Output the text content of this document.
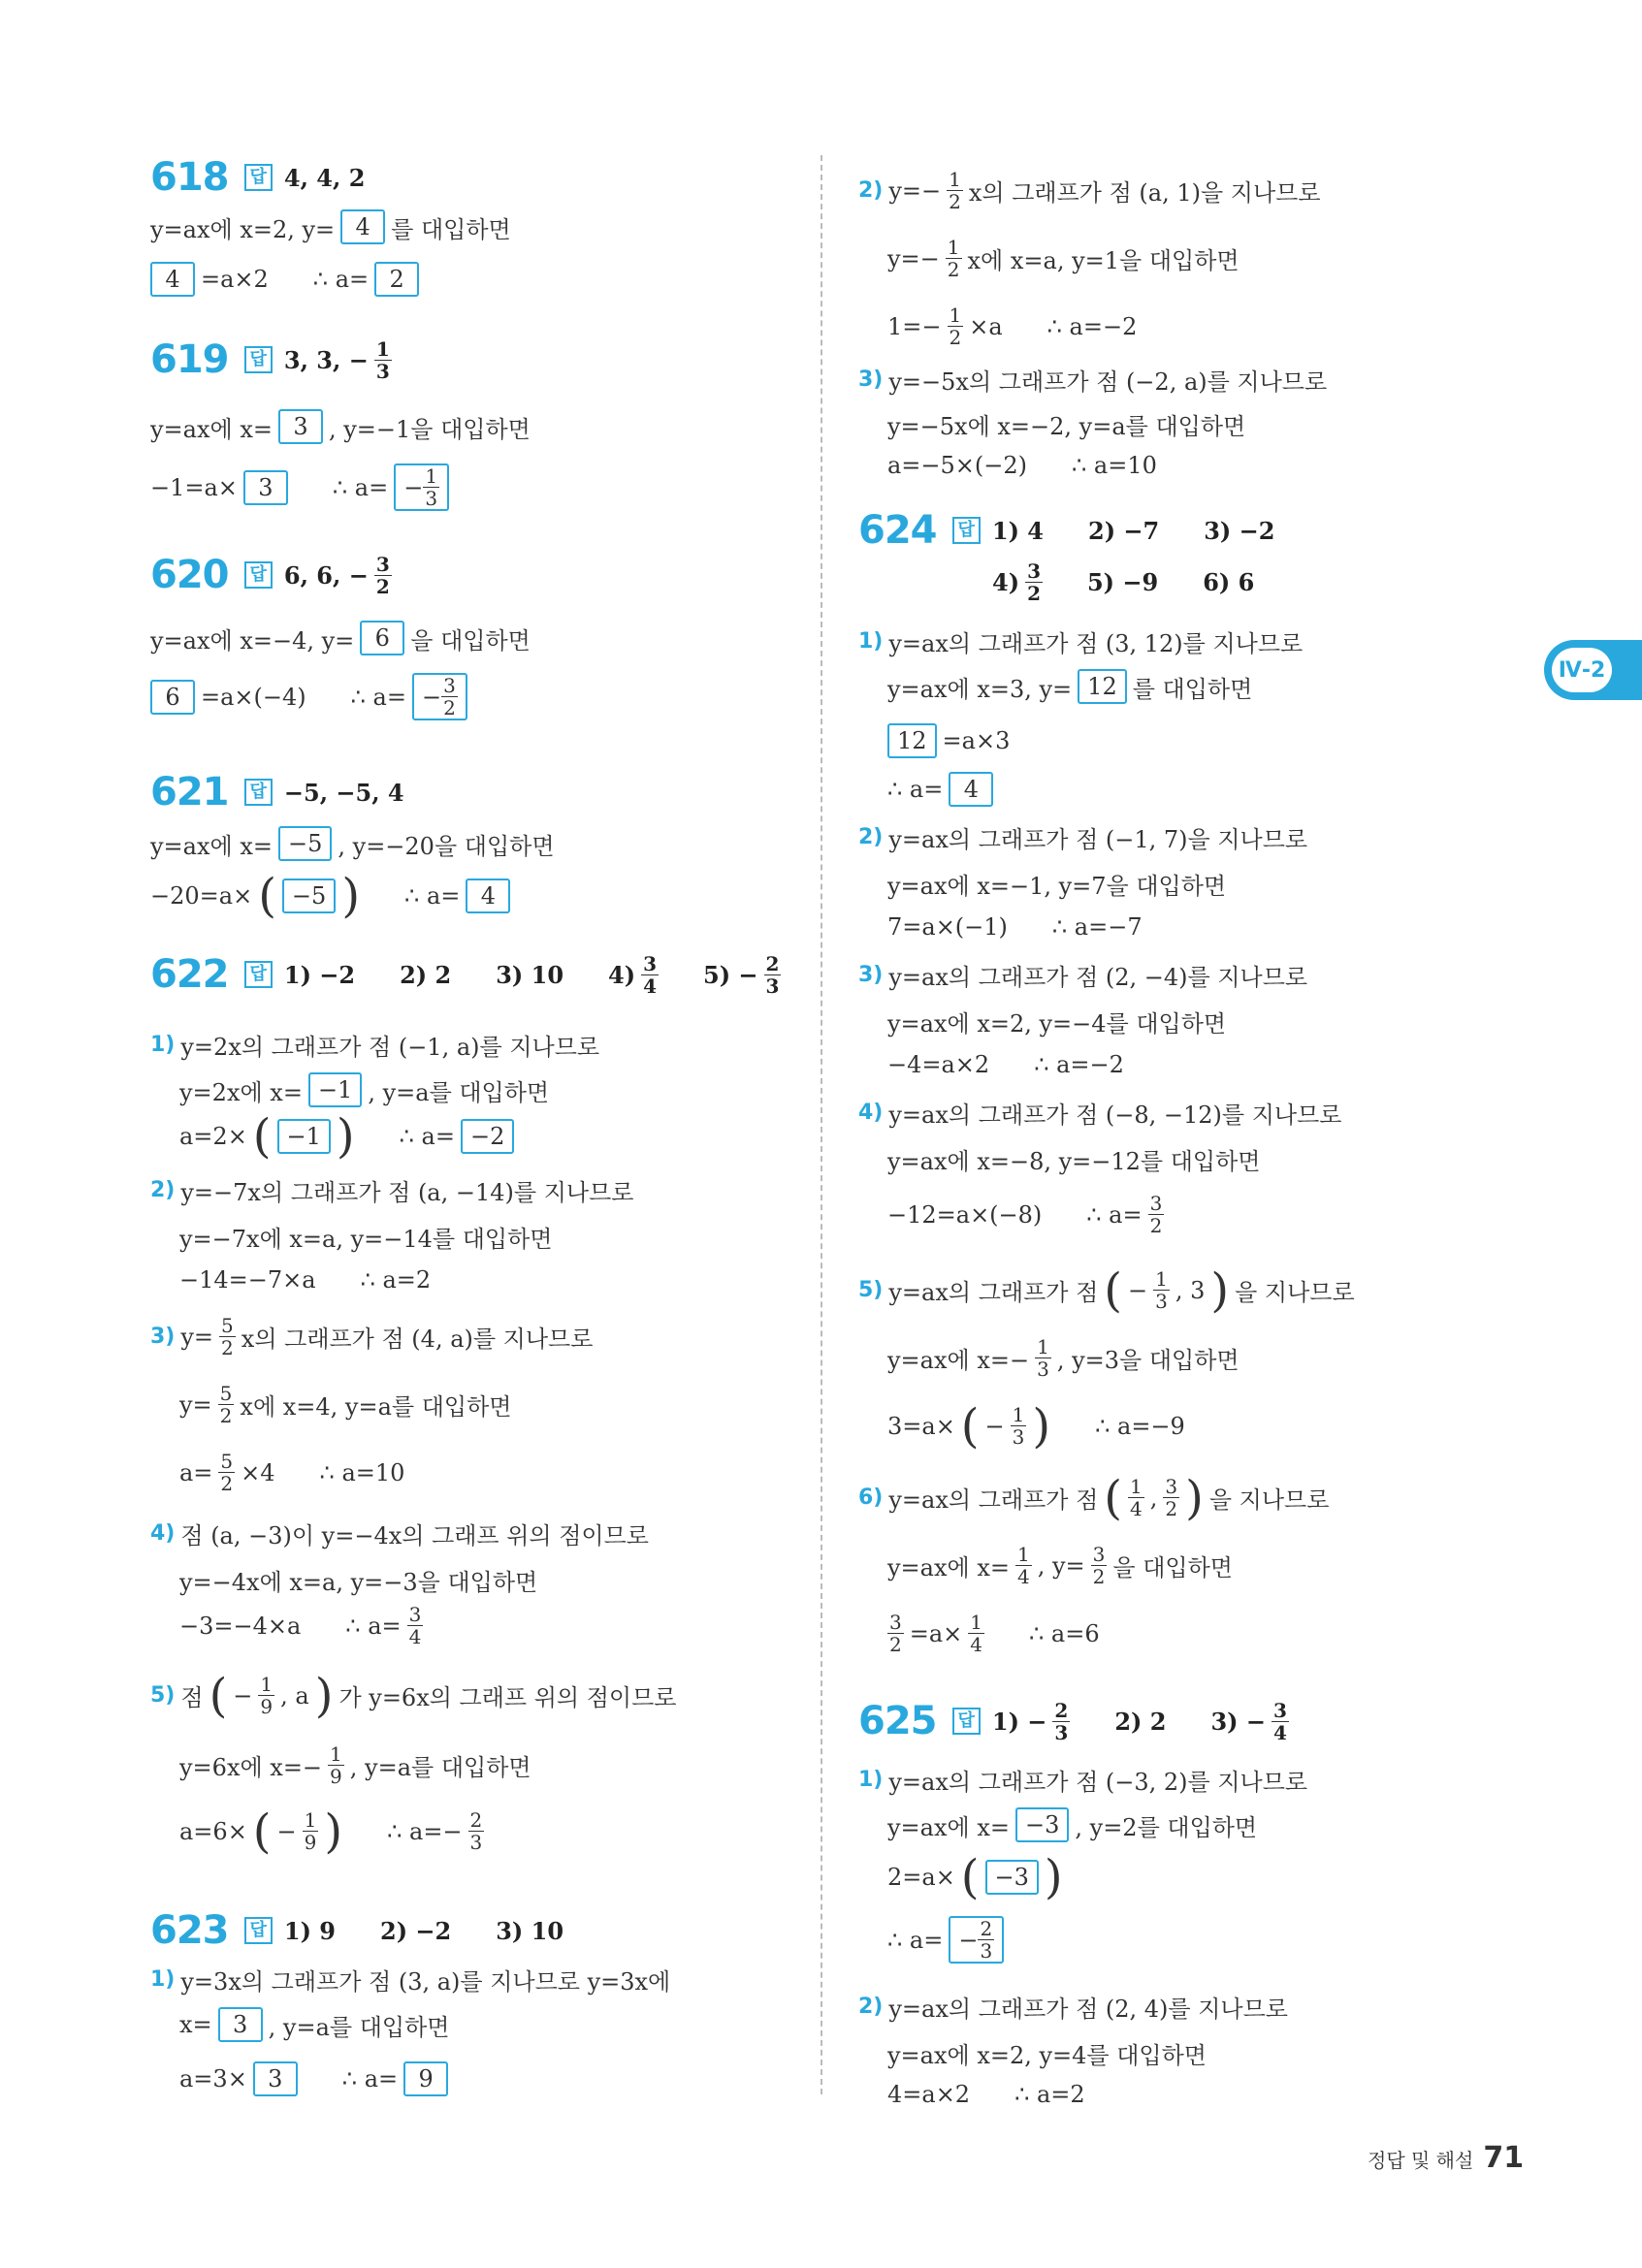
618	답 4, 4, 2
y=ax에 x=2, y= 4 를 대입하면
4 =a×2 ∴ a= 2
619	답 3, 3, − $\frac{1}{3}$
y=ax에 x= 3 , y=−1을 대입하면
−1=a× 3	∴ $a= - \frac{1}{3}$
620	답 6, 6, − $\frac{3}{2}$
y=ax에 x=−4, y= 6 을 대입하면
6 =a×(−4) ∴ $a= - \frac{3}{2}$
621	답 −5, −5, 4
y=ax에 x= −5 , y=−20을 대입하면
−20=a× ( −5 ) ∴ a= 4
622	답 1) −2 2) 2 3) 10 $4) \frac{3}{4} 5) - \frac{2}{3}$
1) y=2x의 그래프가 점 (−1, a)를 지나므로
y=2x에 x= −1 , y=a를 대입하면
a=2× ( −1 ) ∴ a= −2
2) y=−7x의 그래프가 점 (a, −14)를 지나므로
y=−7x에 x=a, y=−14를 대입하면
−14=−7×a ∴ a=2
3) $y= \frac{5}{2}$ x의 그래프가 점 (4, a)를 지나므로
$y= \frac{5}{2}$ x에 x=4, y=a를 대입하면
$a= \frac{5}{2} \times 4$ ∴ a=10
4) 점 (a, −3)이 y=−4x의 그래프 위의 점이므로
y=−4x에 x=a, y=−3을 대입하면
−3=−4×a ∴ $a= \frac{3}{4}$
5) 점 ( − $\frac{1}{9}$ , a ) 가 y=6x의 그래프 위의 점이므로
y=6x에 $x=- \frac{1}{9}$ , y=a를 대입하면
a=6× ( − $\frac{1}{9}$ ) ∴ $a=- \frac{2}{3}$
623	답 1) 9 2) −2 3) 10
1) y=3x의 그래프가 점 (3, a)를 지나므로 y=3x에
x= 3 , y=a를 대입하면
a=3× 3	∴ a= 9
2) $y=- \frac{1}{2}$ x의 그래프가 점 (a, 1)을 지나므로
$y=- \frac{1}{2}$ x에 x=a, y=1을 대입하면
$1=- \frac{1}{2} \times a$ ∴ a=−2
3) y=−5x의 그래프가 점 (−2, a)를 지나므로
y=−5x에 x=−2, y=a를 대입하면
a=−5×(−2) ∴ a=10
624	답 1) 4 2) −7 3) −2
$4) \frac{3}{2} 5) -9$ 6) 6
1) y=ax의 그래프가 점 (3, 12)를 지나므로
y=ax에 x=3, y= 12 를 대입하면
12 =a×3
∴ a= 4
2) y=ax의 그래프가 점 (−1, 7)을 지나므로
y=ax에 x=−1, y=7을 대입하면
7=a×(−1) ∴ a=−7
3) y=ax의 그래프가 점 (2, −4)를 지나므로
y=ax에 x=2, y=−4를 대입하면
−4=a×2 ∴ a=−2
4) y=ax의 그래프가 점 (−8, −12)를 지나므로
y=ax에 x=−8, y=−12를 대입하면
−12=a×(−8) ∴ $a= \frac{3}{2}$
5) y=ax의 그래프가 점 ( − $\frac{1}{3}$ , 3 ) 을 지나므로
y=ax에 $x=- \frac{1}{3}$ , y=3을 대입하면
3=a× ( − $\frac{1}{3}$ ) ∴ a=−9
6) y=ax의 그래프가 점 ( $\frac{1}{4}$ , $\frac{3}{2}$ ) 을 지나므로
y=ax에 $x= \frac{1}{4}$ , $y= \frac{3}{2}$ 을 대입하면
$\frac{3}{2} =a\times \frac{1}{4}$ ∴ a=6
625	답 $1) - \frac{2}{3} 2$) 2 $3) - \frac{3}{4}$
1) y=ax의 그래프가 점 (−3, 2)를 지나므로
y=ax에 x= −3 , y=2를 대입하면
2=a× ( −3 )
∴ $a= - \frac{2}{3}$
2) y=ax의 그래프가 점 (2, 4)를 지나므로
y=ax에 x=2, y=4를 대입하면
4=a×2 ∴ a=2
Ⅳ-2
정답 및 해설 71
